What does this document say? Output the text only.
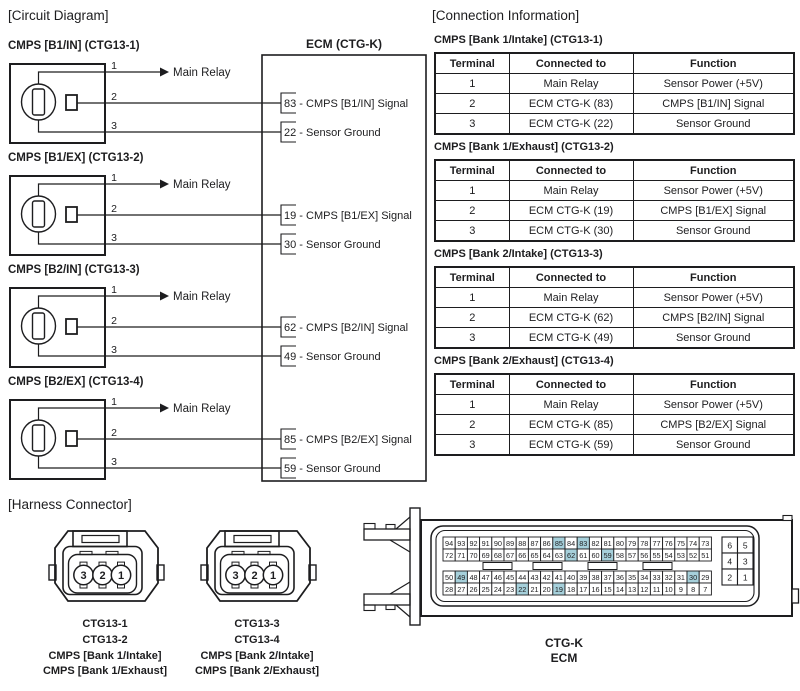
[Circuit Diagram]	[Connection Information]
[Harness Connector]
ECM (CTG-K)
CMPS [B1/IN] (CTG13-1)
Main Relay
1
2
3
83 - CMPS [B1/IN] Signal
22 - Sensor Ground
CMPS [B1/EX] (CTG13-2)
Main Relay
1
2
3
19 - CMPS [B1/EX] Signal
30 - Sensor Ground
CMPS [B2/IN] (CTG13-3)
Main Relay
1
2
3
62 - CMPS [B2/IN] Signal
49 - Sensor Ground
CMPS [B2/EX] (CTG13-4)
Main Relay
1
2
3
85 - CMPS [B2/EX] Signal
59 - Sensor Ground
3 2 1	3 2 1
94 93 92 91 90 89 88 87 86 85 84 83 82 81 80 79 78 77 76 75 74 73
72 71 70 69 68 67 66 65 64 63 62 61 60 59 58 57 56 55 54 53 52 51
50 49 48 47 46 45 44 43 42 41 40 39 38 37 36 35 34 33 32 31 30 29
28 27 26 25 24 23 22 21 20 19 18 17 16 15 14 13 12 11 10 9 8 7
6 5
4 3
2 1
CMPS [Bank 1/Intake] (CTG13-1)
Terminal	Connected to	Function
1	Main Relay	Sensor Power (+5V)
2	ECM CTG-K (83)	CMPS [B1/IN] Signal
3	ECM CTG-K (22)	Sensor Ground
CMPS [Bank 1/Exhaust] (CTG13-2)
Terminal	Connected to	Function
1	Main Relay	Sensor Power (+5V)
2	ECM CTG-K (19)	CMPS [B1/EX] Signal
3	ECM CTG-K (30)	Sensor Ground
CMPS [Bank 2/Intake] (CTG13-3)
Terminal	Connected to	Function
1	Main Relay	Sensor Power (+5V)
2	ECM CTG-K (62)	CMPS [B2/IN] Signal
3	ECM CTG-K (49)	Sensor Ground
CMPS [Bank 2/Exhaust] (CTG13-4)
Terminal	Connected to	Function
1	Main Relay	Sensor Power (+5V)
2	ECM CTG-K (85)	CMPS [B2/EX] Signal
3	ECM CTG-K (59)	Sensor Ground
CTG13-1
CTG13-2
CMPS [Bank 1/Intake]
CMPS [Bank 1/Exhaust]
CTG13-3
CTG13-4
CMPS [Bank 2/Intake]
CMPS [Bank 2/Exhaust]
CTG-K
ECM
